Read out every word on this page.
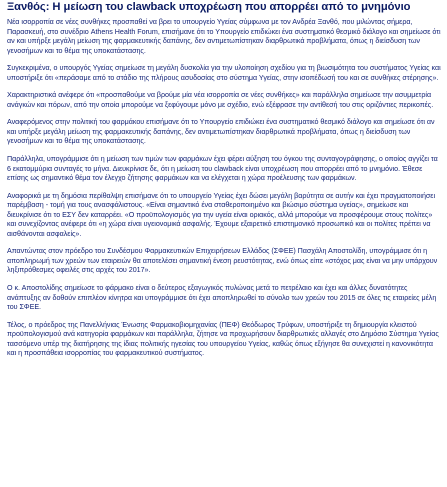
Ξανθός: Η μείωση του clawback υποχρέωση που απορρέει από το μνημόνιο

Νέα ισορροπία σε νέες συνθήκες προσπαθεί να βρει το υπουργείο Υγείας σύμφωνα με τον Ανδρέα Ξανθό, που μιλώντας σήμερα, Παρασκευή, στο συνέδριο Athens Health Forum, επισήμανε ότι το Υπουργείο επιδιώκει ένα συστηματικό θεσμικό διάλογο και σημείωσε ότι αν και υπήρξε μεγάλη μείωση της φαρμακευτικής δαπάνης, δεν αντιμετωπίστηκαν διαρθρωτικά προβλήματα, όπως η διείσδυση των γενοσήμων και το θέμα της υποκατάστασης.

Συγκεκριμένα, ο υπουργός Υγείας σημείωσε τη μεγάλη δυσκολία για την υλοποίηση σχεδίου για τη βιωσιμότητα του συστήματος Υγείας και υποστήριξε ότι «περάσαμε από το στάδιο της πλήρους ασυδοσίας στο σύστημα Υγείας, στην ισοπέδωσή του και σε συνθήκες στέρησης».

Χαρακτηριστικά ανέφερε ότι «προσπαθούμε να βρούμε μία νέα ισορροπία σε νέες συνθήκες» και παράλληλα σημείωσε την ασυμμετρία ανάγκών και πόρων, από την οποία μπορούμε να ξεφύγουμε μόνο με σχέδιο, ενώ εξέφρασε την αντίθεσή του στις οριζόντιες περικοπές.

Αναφερόμενος στην πολιτική του φαρμάκου επισήμανε ότι το Υπουργείο επιδιώκει ένα συστηματικό θεσμικό διάλογο και σημείωσε ότι αν και υπήρξε μεγάλη μείωση της φαρμακευτικής δαπάνης, δεν αντιμετωπίστηκαν διαρθρωτικά προβλήματα, όπως η διείσδυση των γενοσήμων και το θέμα της υποκατάστασης.

Παράλληλα, υπογράμμισε ότι η μείωση των τιμών των φαρμάκων έχει φέρει αύξηση του όγκου της συνταγογράφησης, ο οποίος αγγίζει τα 6 εκατομμύρια συνταγές το μήνα. Διευκρίνισε δε, ότι η μείωση του clawback είναι υποχρέωση που απορρέει από το μνημόνιο. Έθεσε επίσης ως σημαντικό θέμα τον έλεγχο ζήτησης φαρμάκων και να ελέγχεται η χώρα προέλευσης των φαρμάκων.

Αναφορικά με τη δημόσια περίθαλψη επισήμανε ότι το υπουργείο Υγείας έχει δώσει μεγάλη βαρύτητα σε αυτήν και έχει πραγματοποιήσει παρέμβαση - τομή για τους ανασφάλιστους. «Είναι σημαντικό ένα σταθεροποιημένο και βιώσιμο σύστημα υγείας», σημείωσε και διευκρίνισε ότι το ΕΣΥ δεν καταρρέει. «Ο προϋπολογισμός για την υγεία είναι οριακός, αλλά μπορούμε να προσφέρουμε στους πολίτες» και συνεχίζοντας ανέφερε ότι «η χώρα είναι υγειονομικά ασφαλής. Έχουμε εξαιρετικό επιστημονικό προσωπικό και οι πολίτες πρέπει να αισθάνονται ασφαλείς».

Απαντώντας στον πρόεδρο του Συνδέσμου Φαρμακευτικών Επιχειρήσεων Ελλάδος (ΣΦΕΕ) Πασχάλη Αποστολίδη, υπογράμμισε ότι η αποπληρωμή των χρεών των εταιρειών θα αποτελέσει σημαντική ένεση ρευστότητας, ενώ όπως είπε «στόχος μας είναι να μην υπάρχουν ληξιπρόθεσμες οφειλές στις αρχές του 2017».

Ο κ. Αποστολίδης σημείωσε το φάρμακο είναι ο δεύτερος εξαγωγικός πυλώνας μετά το πετρέλαιο και έχει και άλλες δυνατότητες ανάπτυξης αν δοθούν επιπλέον κίνητρα και υπογράμμισε ότι έχει αποπληρωθεί το σύνολο των χρεών του 2015 σε όλες τις εταιρείες μέλη του ΣΦΕΕ.

Τέλος, ο πρόεδρος της Πανελλήνιας Ένωσης Φαρμακοβιομηχανίας (ΠΕΦ) Θεόδωρος Τρύφων, υποστήριξε τη δημιουργία κλειστού προϋπολογισμού ανά κατηγορία φαρμάκων και παράλληλα, ζήτησε να προχωρήσουν διαρθρωτικές αλλαγές στο Δημόσιο Σύστημα Υγείας τασσόμενο υπέρ της διατήρησης της ίδιας πολιτικής ηγεσίας του υπουργείου Υγείας, καθώς όπως εξήγησε θα συνεχιστεί η κανονικότητα και η προσπάθεια ισορροπίας του φαρμακευτικού συστήματος.
